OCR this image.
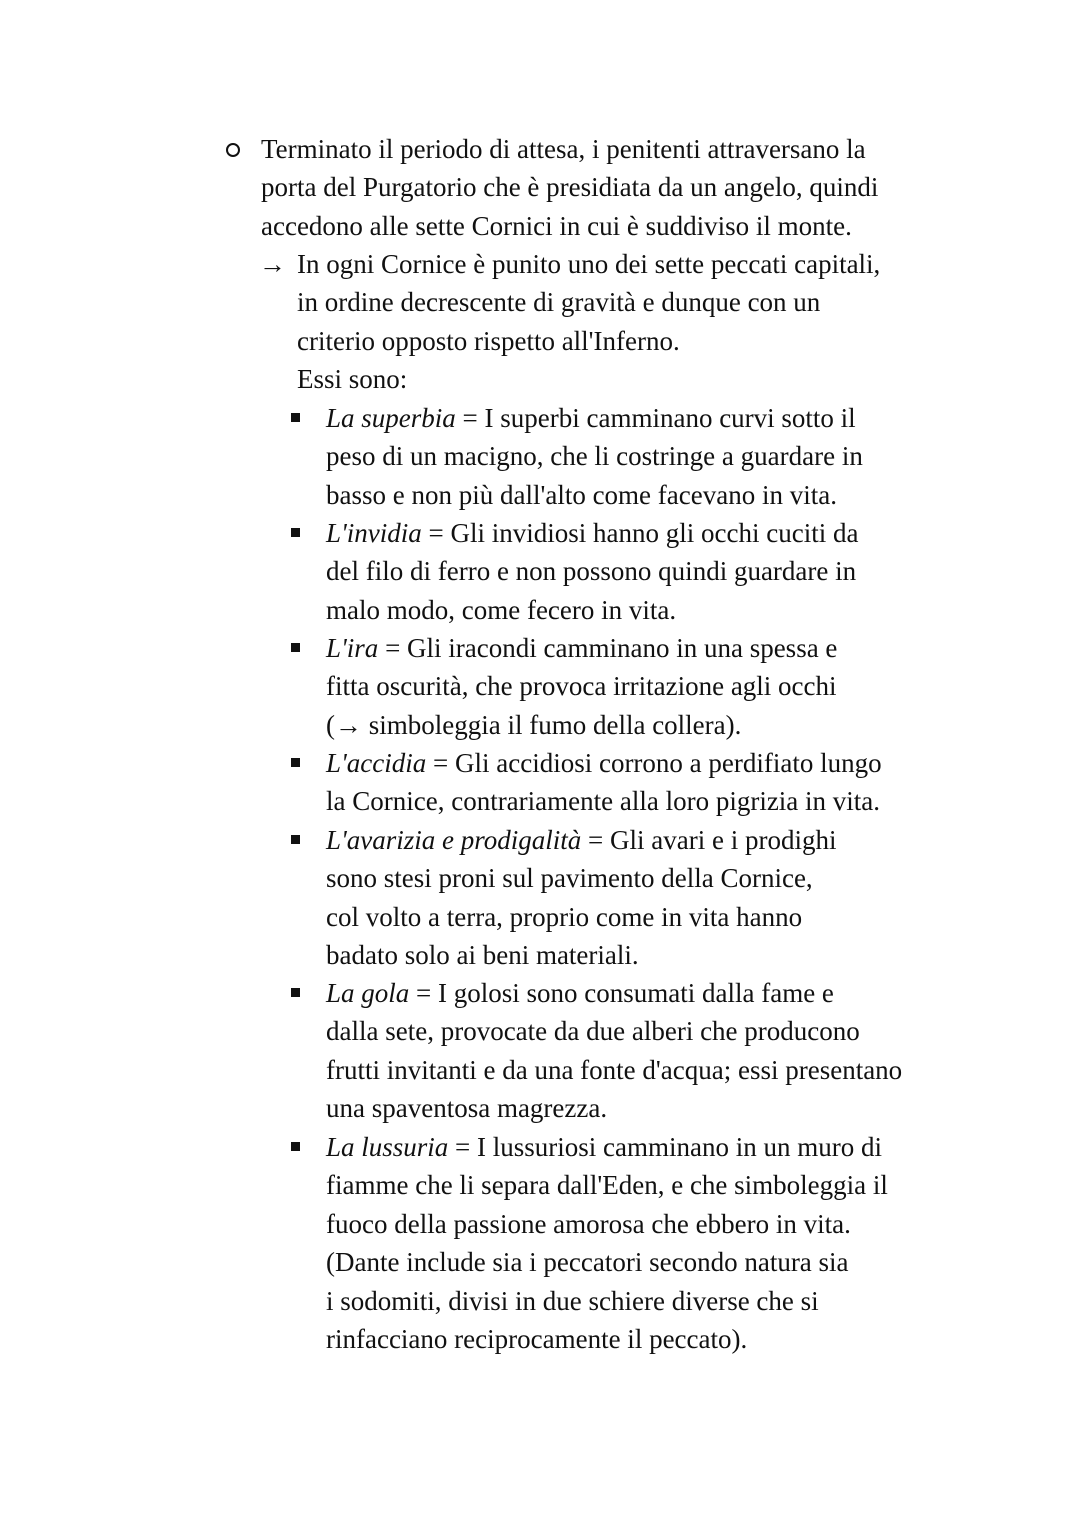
Terminato il periodo di attesa, i penitenti attraversano la
porta del Purgatorio che è presidiata da un angelo, quindi
accedono alle sette Cornici in cui è suddiviso il monte.

→ In ogni Cornice è punito uno dei sette peccati capitali,
in ordine decrescente di gravità e dunque con un
criterio opposto rispetto all'Inferno.
Essi sono:

La superbia = I superbi camminano curvi sotto il
peso di un macigno, che li costringe a guardare in
basso e non più dall'alto come facevano in vita.

L'invidia = Gli invidiosi hanno gli occhi cuciti da
del filo di ferro e non possono quindi guardare in
malo modo, come fecero in vita.

L'ira = Gli iracondi camminano in una spessa e
fitta oscurità, che provoca irritazione agli occhi
(→ simboleggia il fumo della collera).

L'accidia = Gli accidiosi corrono a perdifiato lungo
la Cornice, contrariamente alla loro pigrizia in vita.

L'avarizia e prodigalità = Gli avari e i prodighi
sono stesi proni sul pavimento della Cornice,
col volto a terra, proprio come in vita hanno
badato solo ai beni materiali.

La gola = I golosi sono consumati dalla fame e
dalla sete, provocate da due alberi che producono
frutti invitanti e da una fonte d'acqua; essi presentano
una spaventosa magrezza.

La lussuria = I lussuriosi camminano in un muro di
fiamme che li separa dall'Eden, e che simboleggia il
fuoco della passione amorosa che ebbero in vita.
(Dante include sia i peccatori secondo natura sia
i sodomiti, divisi in due schiere diverse che si
rinfacciano reciprocamente il peccato).
